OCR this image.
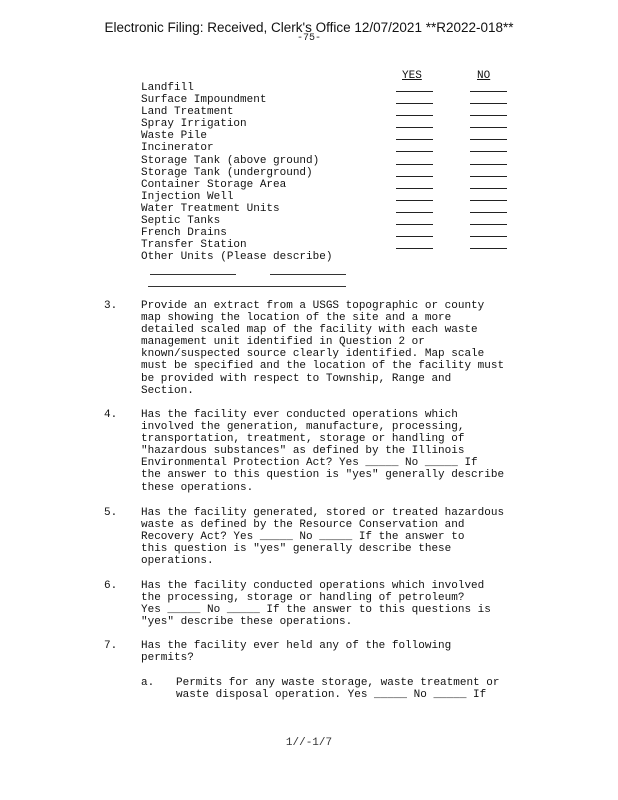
Electronic Filing: Received, Clerk's Office 12/07/2021 **R2022-018**
-75-
YES	NO
Landfill
Surface Impoundment
Land Treatment
Spray Irrigation
Waste Pile
Incinerator
Storage Tank (above ground)
Storage Tank (underground)
Container Storage Area
Injection Well
Water Treatment Units
Septic Tanks
French Drains
Transfer Station
Other Units (Please describe)
3. Provide an extract from a USGS topographic or county
map showing the location of the site and a more
detailed scaled map of the facility with each waste
management unit identified in Question 2 or
known/suspected source clearly identified. Map scale
must be specified and the location of the facility must
be provided with respect to Township, Range and
Section.
4. Has the facility ever conducted operations which
involved the generation, manufacture, processing,
transportation, treatment, storage or handling of
"hazardous substances" as defined by the Illinois
Environmental Protection Act? Yes _____ No _____ If
the answer to this question is "yes" generally describe
these operations.
5. Has the facility generated, stored or treated hazardous
waste as defined by the Resource Conservation and
Recovery Act? Yes _____ No _____ If the answer to
this question is "yes" generally describe these
operations.
6. Has the facility conducted operations which involved
the processing, storage or handling of petroleum?
Yes _____ No _____ If the answer to this questions is
"yes" describe these operations.
7. Has the facility ever held any of the following
permits?
a. Permits for any waste storage, waste treatment or
waste disposal operation. Yes _____ No _____ If
1//-1/7
